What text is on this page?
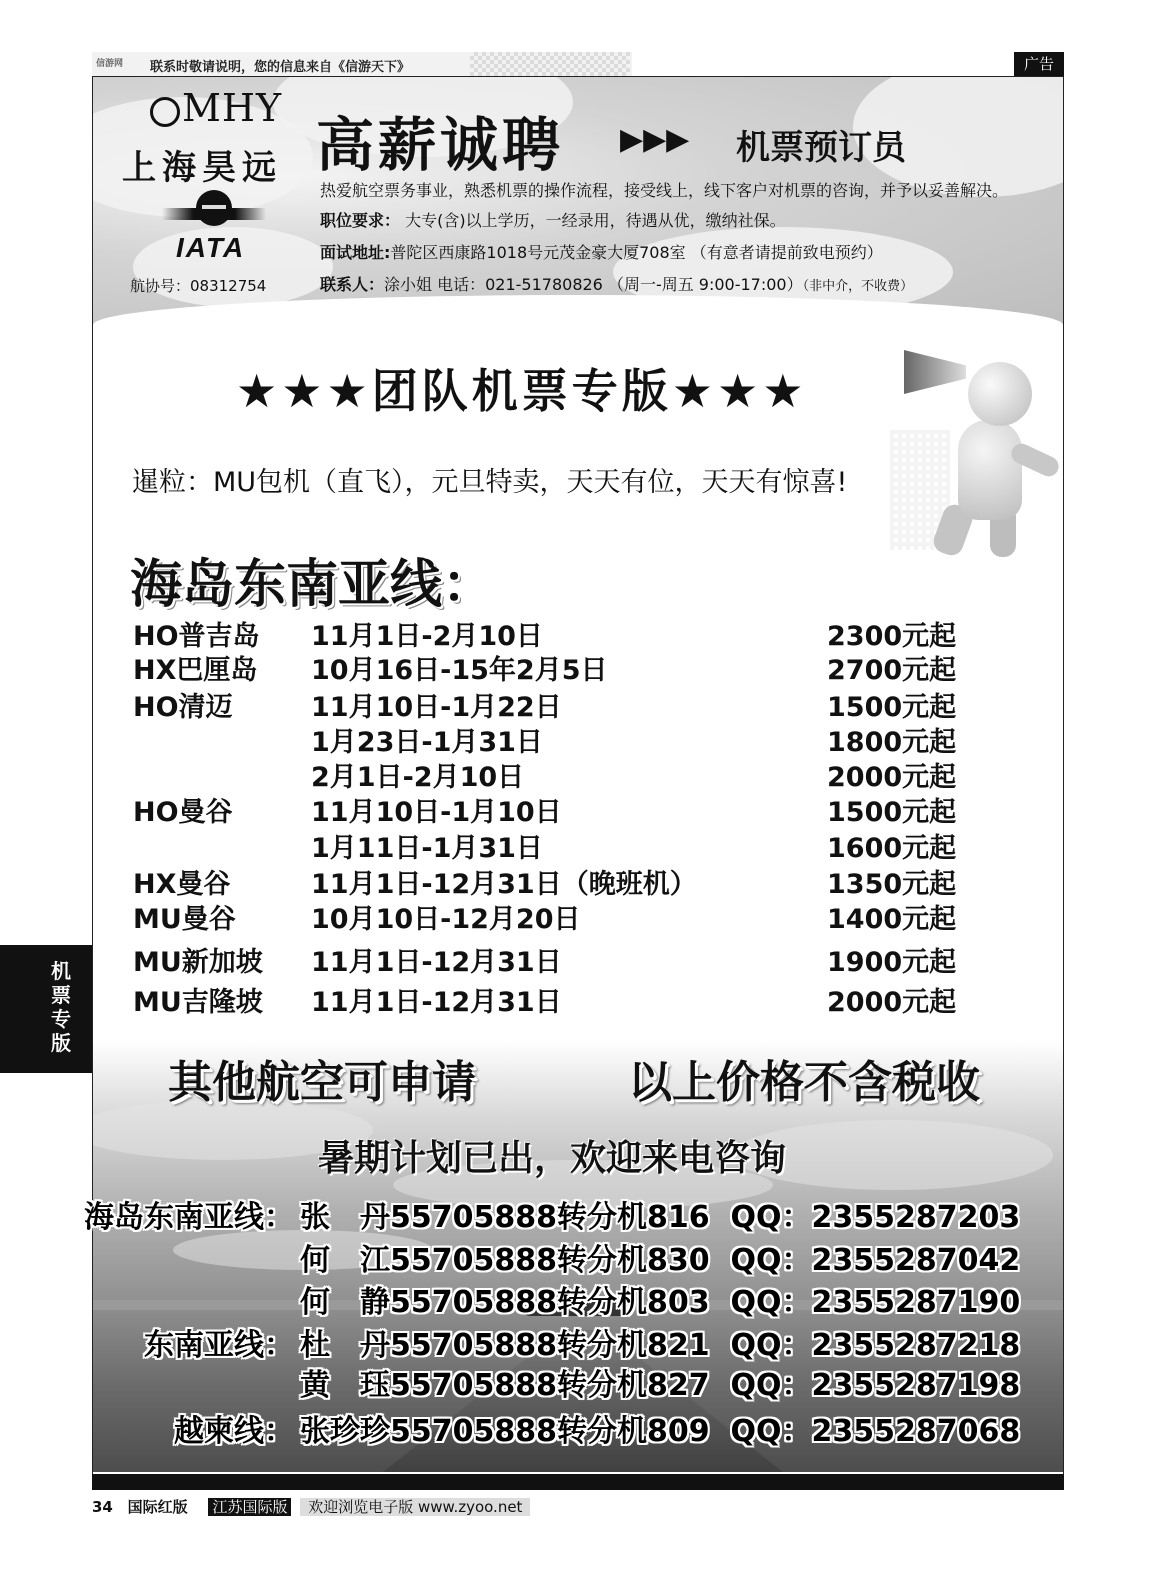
信游网	联系时敬请说明，您的信息来自《信游天下》	广告
MHY
上海昊远
IATA
航协号：08312754
高薪诚聘 ▶▶▶ 机票预订员
热爱航空票务事业，熟悉机票的操作流程，接受线上，线下客户对机票的咨询，并予以妥善解决。
职位要求： 大专(含)以上学历，一经录用，待遇从优，缴纳社保。
面试地址:普陀区西康路1018号元茂金豪大厦708室 （有意者请提前致电预约）
联系人：涂小姐 电话：021-51780826 （周一-周五 9:00-17:00）（非中介，不收费）
★★★团队机票专版★★★
暹粒：MU包机（直飞），元旦特卖，天天有位，天天有惊喜!
海岛东南亚线：
HO普吉岛 11月1日-2月10日	2300元起
HX巴厘岛 10月16日-15年2月5日	2700元起
HO清迈	11月10日-1月22日	1500元起
1月23日-1月31日	1800元起
2月1日-2月10日	2000元起
HO曼谷	11月10日-1月10日	1500元起
1月11日-1月31日	1600元起
HX曼谷	11月1日-12月31日（晚班机）	1350元起
MU曼谷	10月10日-12月20日	1400元起
MU新加坡 11月1日-12月31日	1900元起
MU吉隆坡 11月1日-12月31日	2000元起
机票专版
其他航空可申请	以上价格不含税收
暑期计划已出，欢迎来电咨询
海岛东南亚线： 张　丹55705888转分机816 QQ：2355287203
何　江55705888转分机830 QQ：2355287042
何　静55705888转分机803 QQ：2355287190
东南亚线： 杜　丹55705888转分机821 QQ：2355287218
黄　珏55705888转分机827 QQ：2355287198
越柬线： 张珍珍55705888转分机809 QQ：2355287068
34 国际红版 江苏国际版 欢迎浏览电子版 www.zyoo.net
